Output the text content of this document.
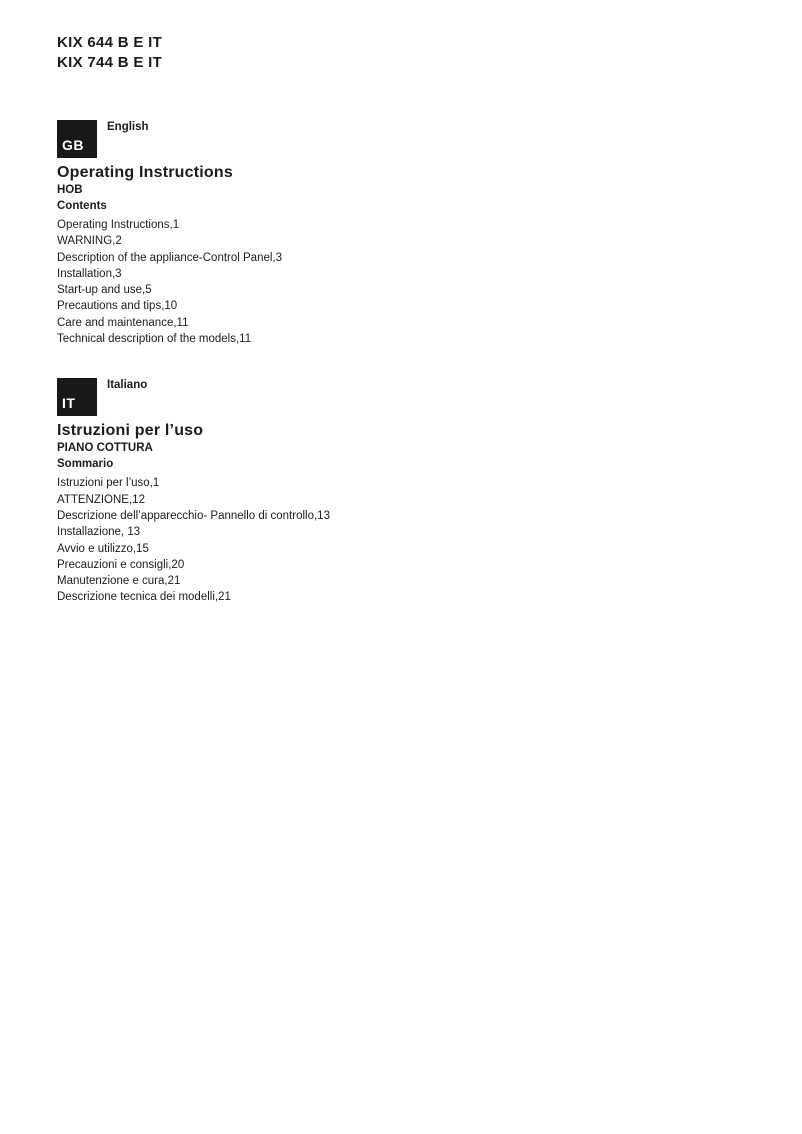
KIX 644 B E IT
KIX 744 B E IT
GB
English
Operating Instructions
HOB
Contents
Operating Instructions,1
WARNING,2
Description of the appliance-Control Panel,3
Installation,3
Start-up and use,5
Precautions and tips,10
Care and maintenance,11
Technical description of the models,11
IT
Italiano
Istruzioni per l’uso
PIANO COTTURA
Sommario
Istruzioni per l’uso,1
ATTENZIONE,12
Descrizione dell’apparecchio- Pannello di controllo,13
Installazione, 13
Avvio e utilizzo,15
Precauzioni e consigli,20
Manutenzione e cura,21
Descrizione tecnica dei modelli,21
